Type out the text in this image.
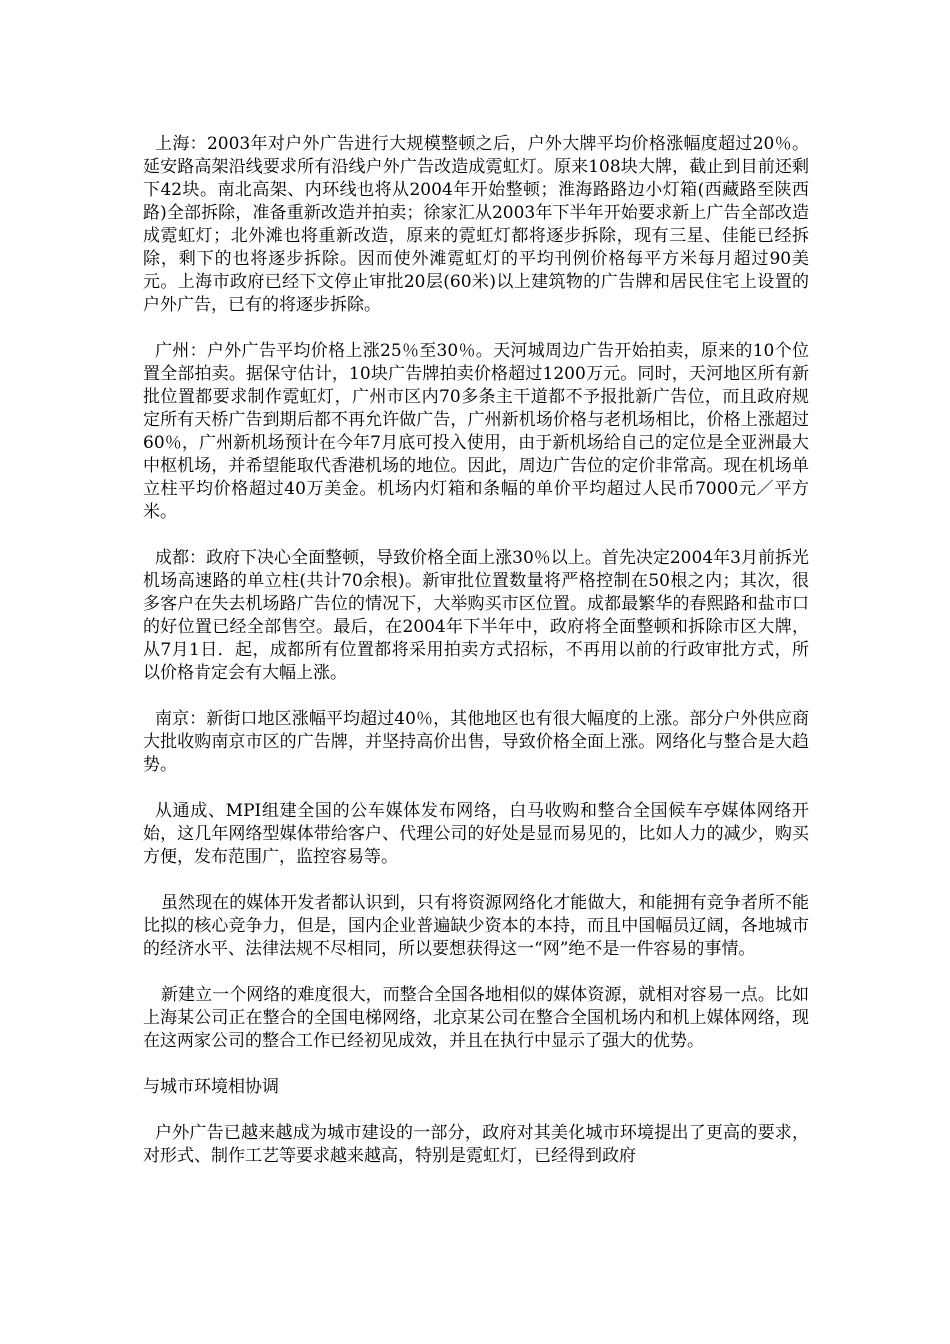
上海：2003年对户外广告进行大规模整顿之后，户外大牌平均价格涨幅度超过20％。延安路高架沿线要求所有沿线户外广告改造成霓虹灯。原来108块大牌，截止到目前还剩下42块。南北高架、内环线也将从2004年开始整顿；淮海路路边小灯箱(西藏路至陕西路)全部拆除，准备重新改造并拍卖；徐家汇从2003年下半年开始要求新上广告全部改造成霓虹灯；北外滩也将重新改造，原来的霓虹灯都将逐步拆除，现有三星、佳能已经拆除，剩下的也将逐步拆除。因而使外滩霓虹灯的平均刊例价格每平方米每月超过90美元。上海市政府已经下文停止审批20层(60米)以上建筑物的广告牌和居民住宅上设置的户外广告，已有的将逐步拆除。

广州：户外广告平均价格上涨25％至30％。天河城周边广告开始拍卖，原来的10个位置全部拍卖。据保守估计，10块广告牌拍卖价格超过1200万元。同时，天河地区所有新批位置都要求制作霓虹灯，广州市区内70多条主干道都不予报批新广告位，而且政府规定所有天桥广告到期后都不再允许做广告，广州新机场价格与老机场相比，价格上涨超过60％，广州新机场预计在今年7月底可投入使用，由于新机场给自己的定位是全亚洲最大中枢机场，并希望能取代香港机场的地位。因此，周边广告位的定价非常高。现在机场单立柱平均价格超过40万美金。机场内灯箱和条幅的单价平均超过人民币7000元／平方米。

成都：政府下决心全面整顿，导致价格全面上涨30％以上。首先决定2004年3月前拆光机场高速路的单立柱(共计70余根)。新审批位置数量将严格控制在50根之内；其次，很多客户在失去机场路广告位的情况下，大举购买市区位置。成都最繁华的春熙路和盐市口的好位置已经全部售空。最后，在2004年下半年中，政府将全面整顿和拆除市区大牌，从7月1日．起，成都所有位置都将采用拍卖方式招标，不再用以前的行政审批方式，所以价格肯定会有大幅上涨。

南京：新街口地区涨幅平均超过40％，其他地区也有很大幅度的上涨。部分户外供应商大批收购南京市区的广告牌，并坚持高价出售，导致价格全面上涨。网络化与整合是大趋势。

从通成、MPI组建全国的公车媒体发布网络，白马收购和整合全国候车亭媒体网络开始，这几年网络型媒体带给客户、代理公司的好处是显而易见的，比如人力的减少，购买方便，发布范围广，监控容易等。

虽然现在的媒体开发者都认识到，只有将资源网络化才能做大，和能拥有竞争者所不能比拟的核心竞争力，但是，国内企业普遍缺少资本的本持，而且中国幅员辽阔，各地城市的经济水平、法律法规不尽相同，所以要想获得这一“网”绝不是一件容易的事情。

新建立一个网络的难度很大，而整合全国各地相似的媒体资源，就相对容易一点。比如上海某公司正在整合的全国电梯网络，北京某公司在整合全国机场内和机上媒体网络，现在这两家公司的整合工作已经初见成效，并且在执行中显示了强大的优势。

与城市环境相协调

户外广告已越来越成为城市建设的一部分，政府对其美化城市环境提出了更高的要求，对形式、制作工艺等要求越来越高，特别是霓虹灯，已经得到政府
